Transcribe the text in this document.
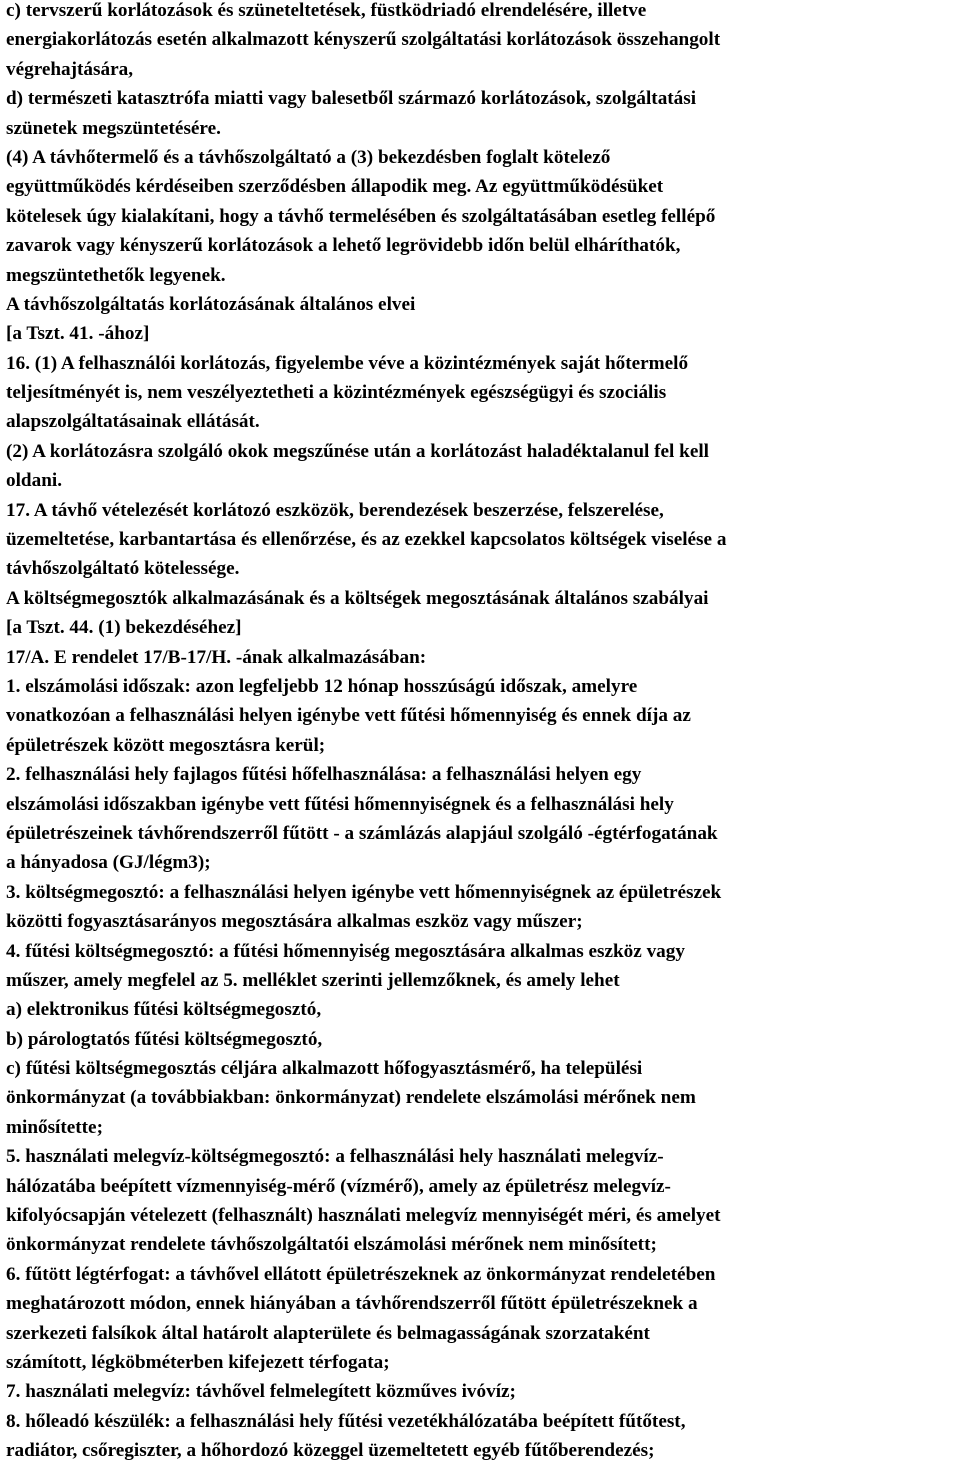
c) tervszerű korlátozások és szüneteltetések, füstködriadó elrendelésére, illetve
energiakorlátozás esetén alkalmazott kényszerű szolgáltatási korlátozások összehangolt
végrehajtására,
d) természeti katasztrófa miatti vagy balesetből származó korlátozások, szolgáltatási
szünetek megszüntetésére.
(4) A távhőtermelő és a távhőszolgáltató a (3) bekezdésben foglalt kötelező
együttműködés kérdéseiben szerződésben állapodik meg. Az együttműködésüket
kötelesek úgy kialakítani, hogy a távhő termelésében és szolgáltatásában esetleg fellépő
zavarok vagy kényszerű korlátozások a lehető legrövidebb időn belül elháríthatók,
megszüntethetők legyenek.
A távhőszolgáltatás korlátozásának általános elvei
[a Tszt. 41. -ához]
16. (1) A felhasználói korlátozás, figyelembe véve a közintézmények saját hőtermelő
teljesítményét is, nem veszélyeztetheti a közintézmények egészségügyi és szociális
alapszolgáltatásainak ellátását.
(2) A korlátozásra szolgáló okok megszűnése után a korlátozást haladéktalanul fel kell
oldani.
17. A távhő vételezését korlátozó eszközök, berendezések beszerzése, felszerelése,
üzemeltetése, karbantartása és ellenőrzése, és az ezekkel kapcsolatos költségek viselése a
távhőszolgáltató kötelessége.
A költségmegosztók alkalmazásának és a költségek megosztásának általános szabályai
[a Tszt. 44. (1) bekezdéséhez]
17/A. E rendelet 17/B-17/H. -ának alkalmazásában:
1. elszámolási időszak: azon legfeljebb 12 hónap hosszúságú időszak, amelyre
vonatkozóan a felhasználási helyen igénybe vett fűtési hőmennyiség és ennek díja az
épületrészek között megosztásra kerül;
2. felhasználási hely fajlagos fűtési hőfelhasználása: a felhasználási helyen egy
elszámolási időszakban igénybe vett fűtési hőmennyiségnek és a felhasználási hely
épületrészeinek távhőrendszerről fűtött - a számlázás alapjául szolgáló -égtérfogatának
a hányadosa (GJ/légm3);
3. költségmegosztó: a felhasználási helyen igénybe vett hőmennyiségnek az épületrészek
közötti fogyasztásarányos megosztására alkalmas eszköz vagy műszer;
4. fűtési költségmegosztó: a fűtési hőmennyiség megosztására alkalmas eszköz vagy
műszer, amely megfelel az 5. melléklet szerinti jellemzőknek, és amely lehet
a) elektronikus fűtési költségmegosztó,
b) párologtatós fűtési költségmegosztó,
c) fűtési költségmegosztás céljára alkalmazott hőfogyasztásmérő, ha települési
önkormányzat (a továbbiakban: önkormányzat) rendelete elszámolási mérőnek nem
minősítette;
5. használati melegvíz-költségmegosztó: a felhasználási hely használati melegvíz-
hálózatába beépített vízmennyiség-mérő (vízmérő), amely az épületrész melegvíz-
kifolyócsapján vételezett (felhasznált) használati melegvíz mennyiségét méri, és amelyet
önkormányzat rendelete távhőszolgáltatói elszámolási mérőnek nem minősített;
6. fűtött légtérfogat: a távhővel ellátott épületrészeknek az önkormányzat rendeletében
meghatározott módon, ennek hiányában a távhőrendszerről fűtött épületrészeknek a
szerkezeti falsíkok által határolt alapterülete és belmagasságának szorzataként
számított, légköbméterben kifejezett térfogata;
7. használati melegvíz: távhővel felmelegített közműves ivóvíz;
8. hőleadó készülék: a felhasználási hely fűtési vezetékhálózatába beépített fűtőtest,
radiátor, csőregiszter, a hőhordozó közeggel üzemeltetett egyéb fűtőberendezés;
